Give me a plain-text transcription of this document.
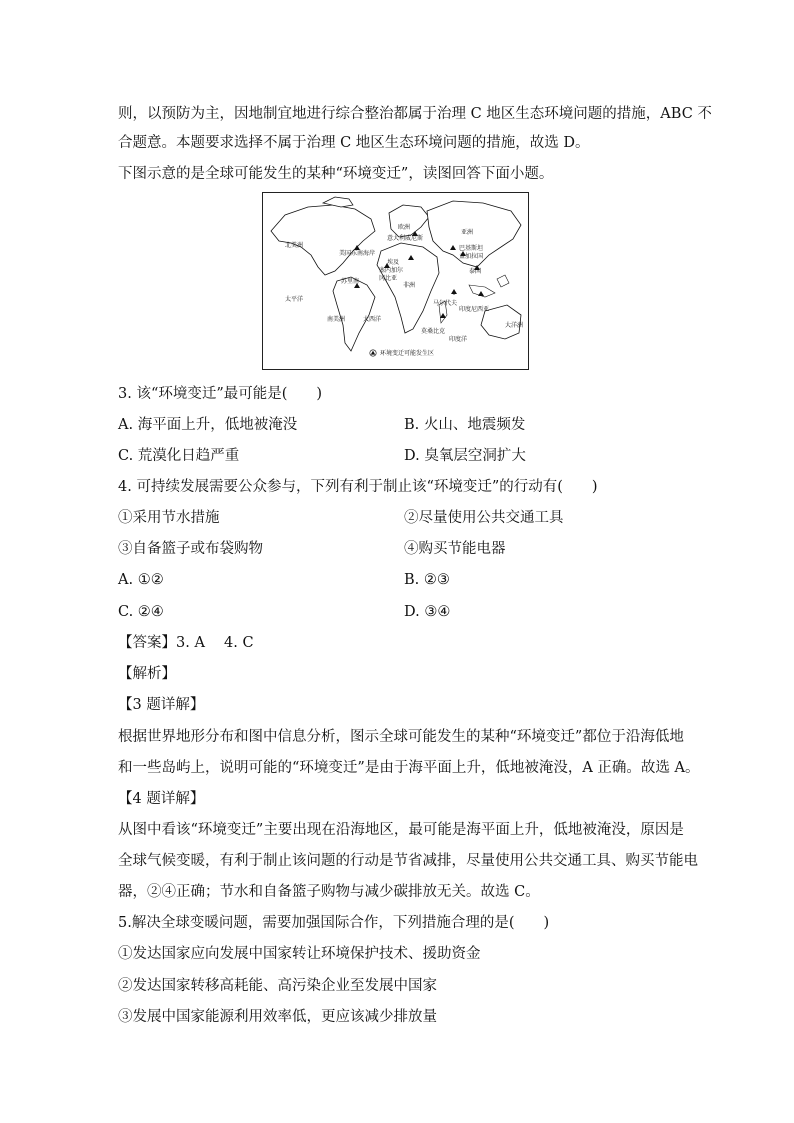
则，以预防为主，因地制宜地进行综合整治都属于治理 C 地区生态环境问题的措施，ABC 不
合题意。本题要求选择不属于治理 C 地区生态环境问题的措施，故选 D。
下图示意的是全球可能发生的某种“环境变迁”，读图回答下面小题。
北美洲
美国东南海岸
欧洲
意大利威尼斯
亚洲
巴基斯坦
孟加拉国
泰国
埃及
塞内加尔
冈比亚
苏里南
非洲
马尔代夫
印度尼西亚
太平洋
南美洲	大西洋
莫桑比克
印度洋
大洋洲
环境变迁可能发生区
3. 该“环境变迁”最可能是(　　)
A. 海平面上升，低地被淹没	B. 火山、地震频发
C. 荒漠化日趋严重	D. 臭氧层空洞扩大
4. 可持续发展需要公众参与，下列有利于制止该“环境变迁”的行动有(　　)
①采用节水措施	②尽量使用公共交通工具
③自备篮子或布袋购物	④购买节能电器
A. ①②	B. ②③
C. ②④	D. ③④
【答案】3. A　 4. C
【解析】
【3 题详解】
根据世界地形分布和图中信息分析，图示全球可能发生的某种“环境变迁”都位于沿海低地
和一些岛屿上，说明可能的“环境变迁”是由于海平面上升，低地被淹没，A 正确。故选 A。
【4 题详解】
从图中看该“环境变迁”主要出现在沿海地区，最可能是海平面上升，低地被淹没，原因是
全球气候变暖，有利于制止该问题的行动是节省减排，尽量使用公共交通工具、购买节能电
器，②④正确；节水和自备篮子购物与减少碳排放无关。故选 C。
5.解决全球变暖问题，需要加强国际合作，下列措施合理的是(　　)
①发达国家应向发展中国家转让环境保护技术、援助资金
②发达国家转移高耗能、高污染企业至发展中国家
③发展中国家能源利用效率低，更应该减少排放量
